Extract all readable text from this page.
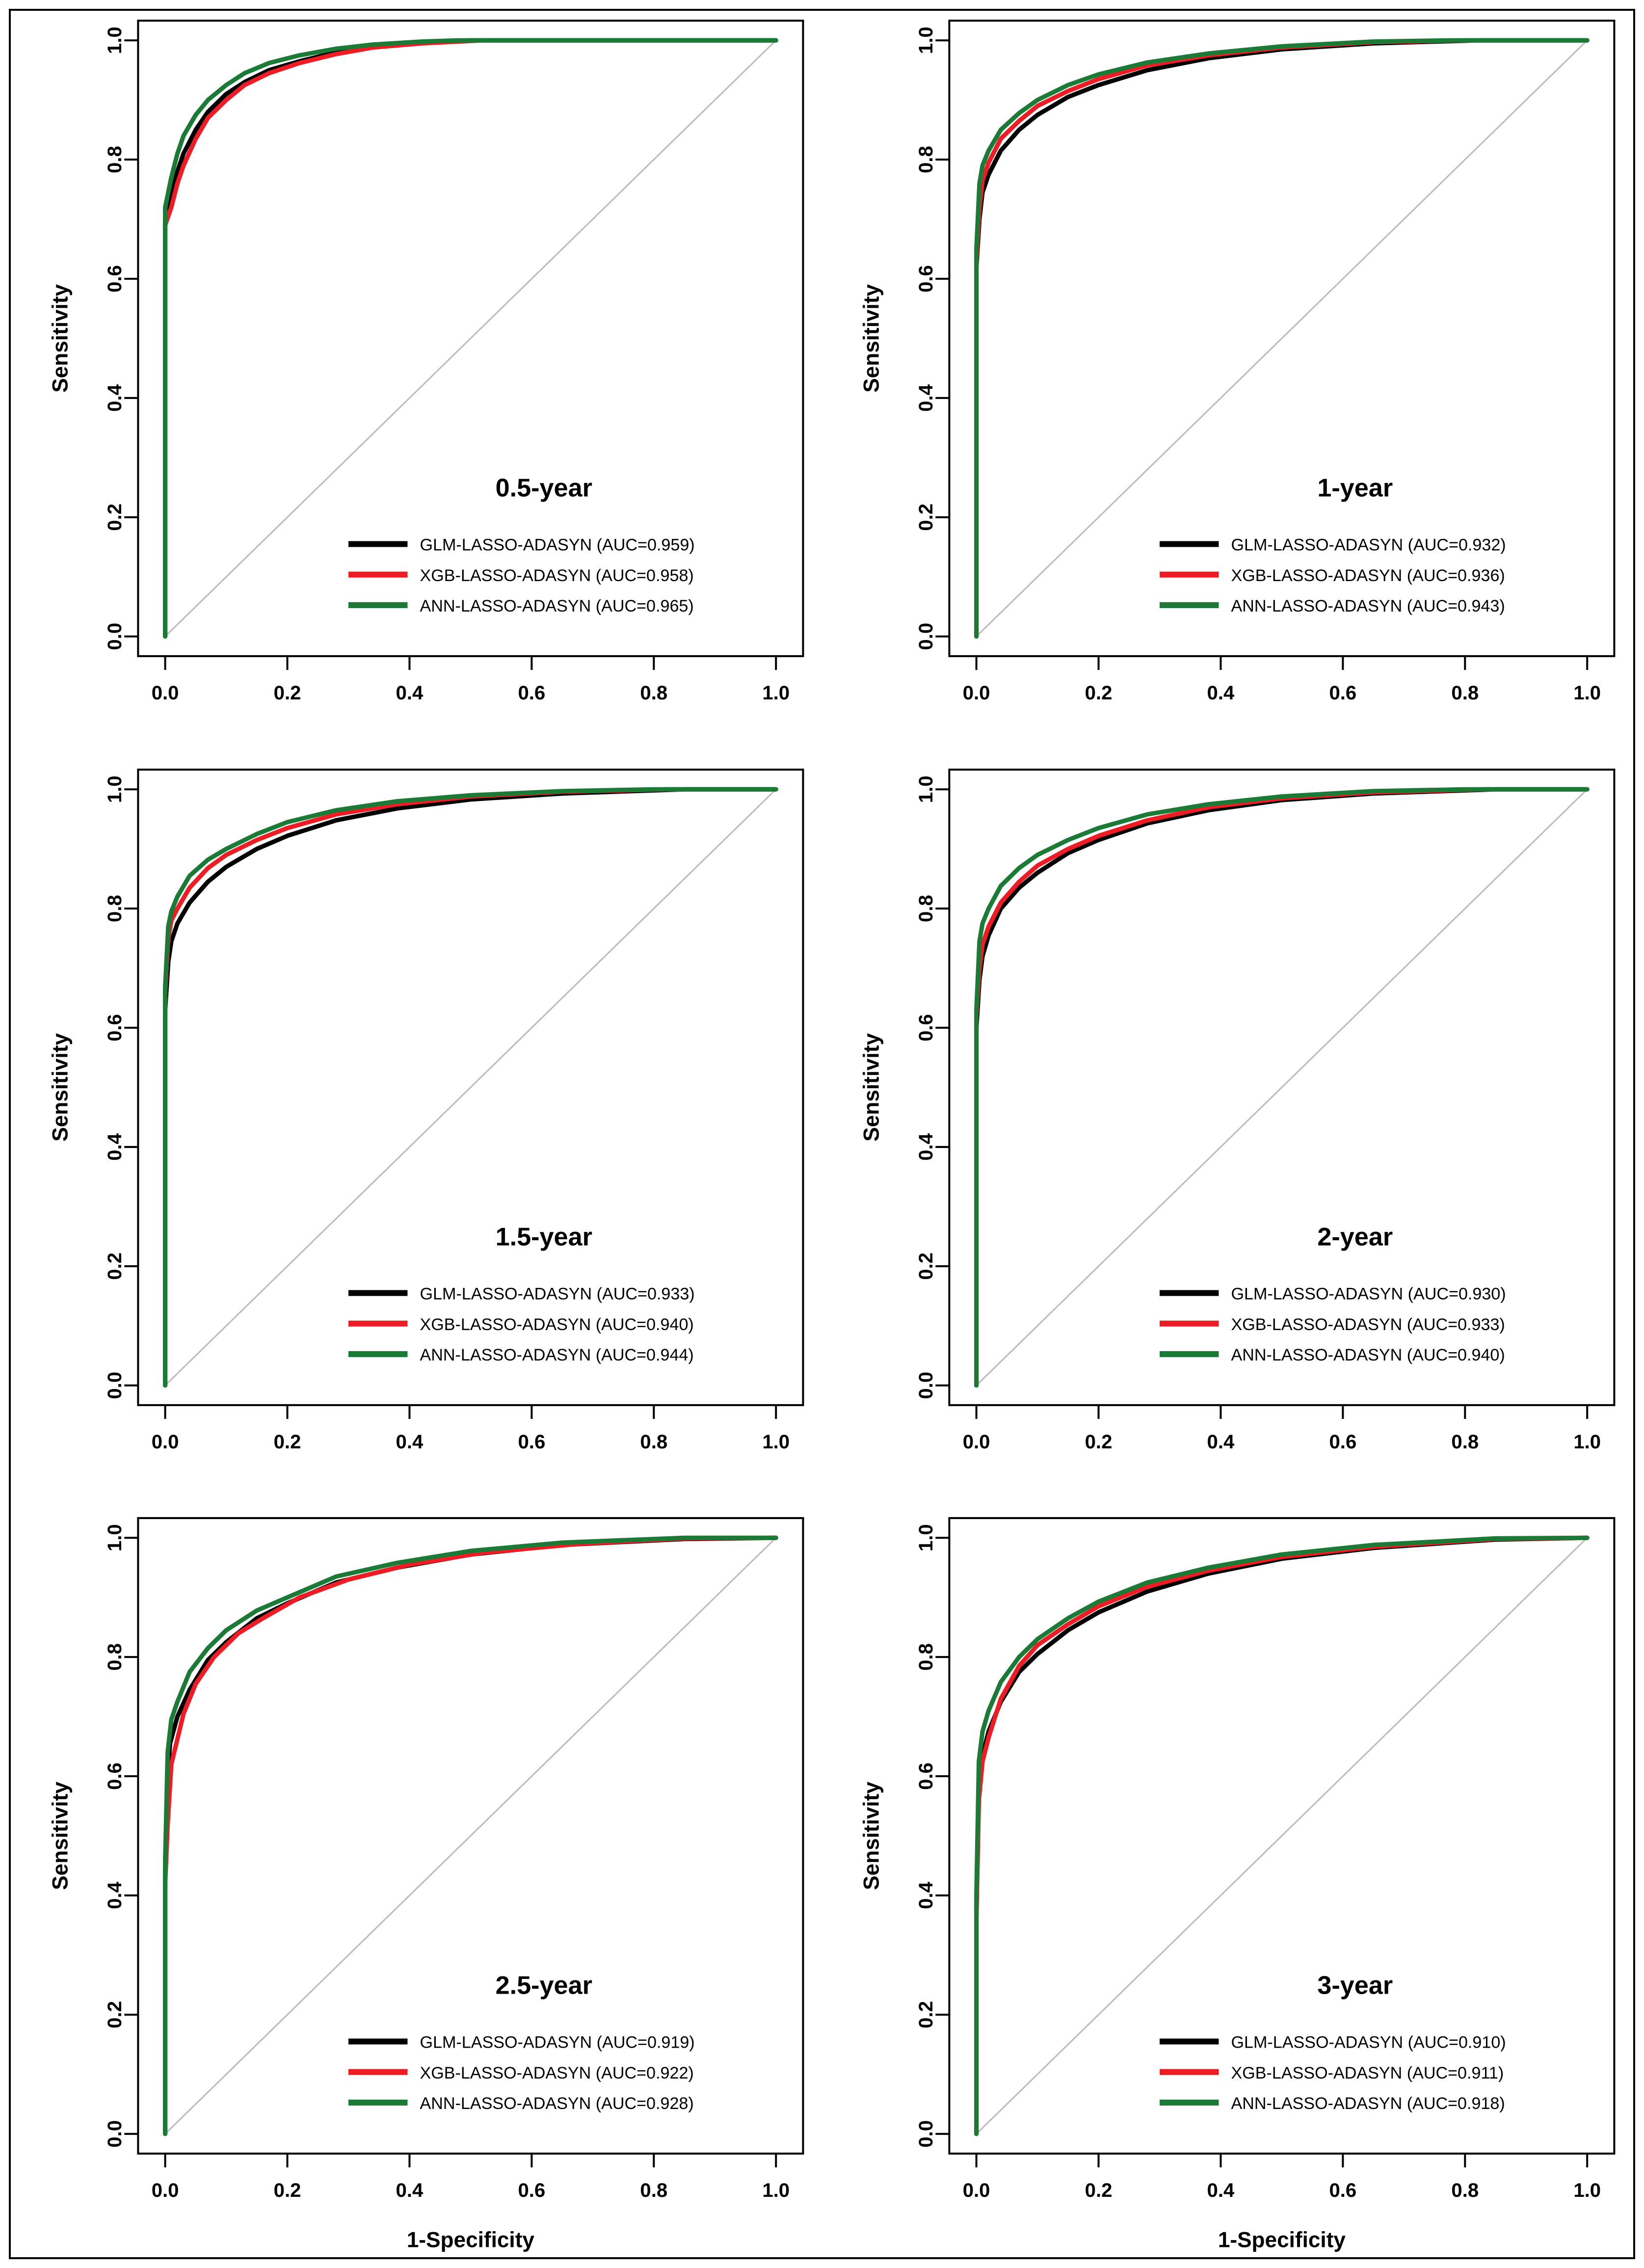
0.0	0.2	0.4	0.6	0.8	1.0
0.0
0.2
0.4
0.6
0.8
1.0
Sensitivity
0.5-year
GLM-LASSO-ADASYN (AUC=0.959)
XGB-LASSO-ADASYN (AUC=0.958)
ANN-LASSO-ADASYN (AUC=0.965)
0.0	0.2	0.4	0.6	0.8	1.0
0.0
0.2
0.4
0.6
0.8
1.0
Sensitivity
1-year
GLM-LASSO-ADASYN (AUC=0.932)
XGB-LASSO-ADASYN (AUC=0.936)
ANN-LASSO-ADASYN (AUC=0.943)
0.0	0.2	0.4	0.6	0.8	1.0
0.0
0.2
0.4
0.6
0.8
1.0
Sensitivity
1.5-year
GLM-LASSO-ADASYN (AUC=0.933)
XGB-LASSO-ADASYN (AUC=0.940)
ANN-LASSO-ADASYN (AUC=0.944)
0.0	0.2	0.4	0.6	0.8	1.0
0.0
0.2
0.4
0.6
0.8
1.0
Sensitivity
2-year
GLM-LASSO-ADASYN (AUC=0.930)
XGB-LASSO-ADASYN (AUC=0.933)
ANN-LASSO-ADASYN (AUC=0.940)
0.0	0.2	0.4	0.6	0.8	1.0
0.0
0.2
0.4
0.6
0.8
1.0
Sensitivity
1-Specificity
2.5-year
GLM-LASSO-ADASYN (AUC=0.919)
XGB-LASSO-ADASYN (AUC=0.922)
ANN-LASSO-ADASYN (AUC=0.928)
0.0	0.2	0.4	0.6	0.8	1.0
0.0
0.2
0.4
0.6
0.8
1.0
Sensitivity
1-Specificity
3-year
GLM-LASSO-ADASYN (AUC=0.910)
XGB-LASSO-ADASYN (AUC=0.911)
ANN-LASSO-ADASYN (AUC=0.918)
